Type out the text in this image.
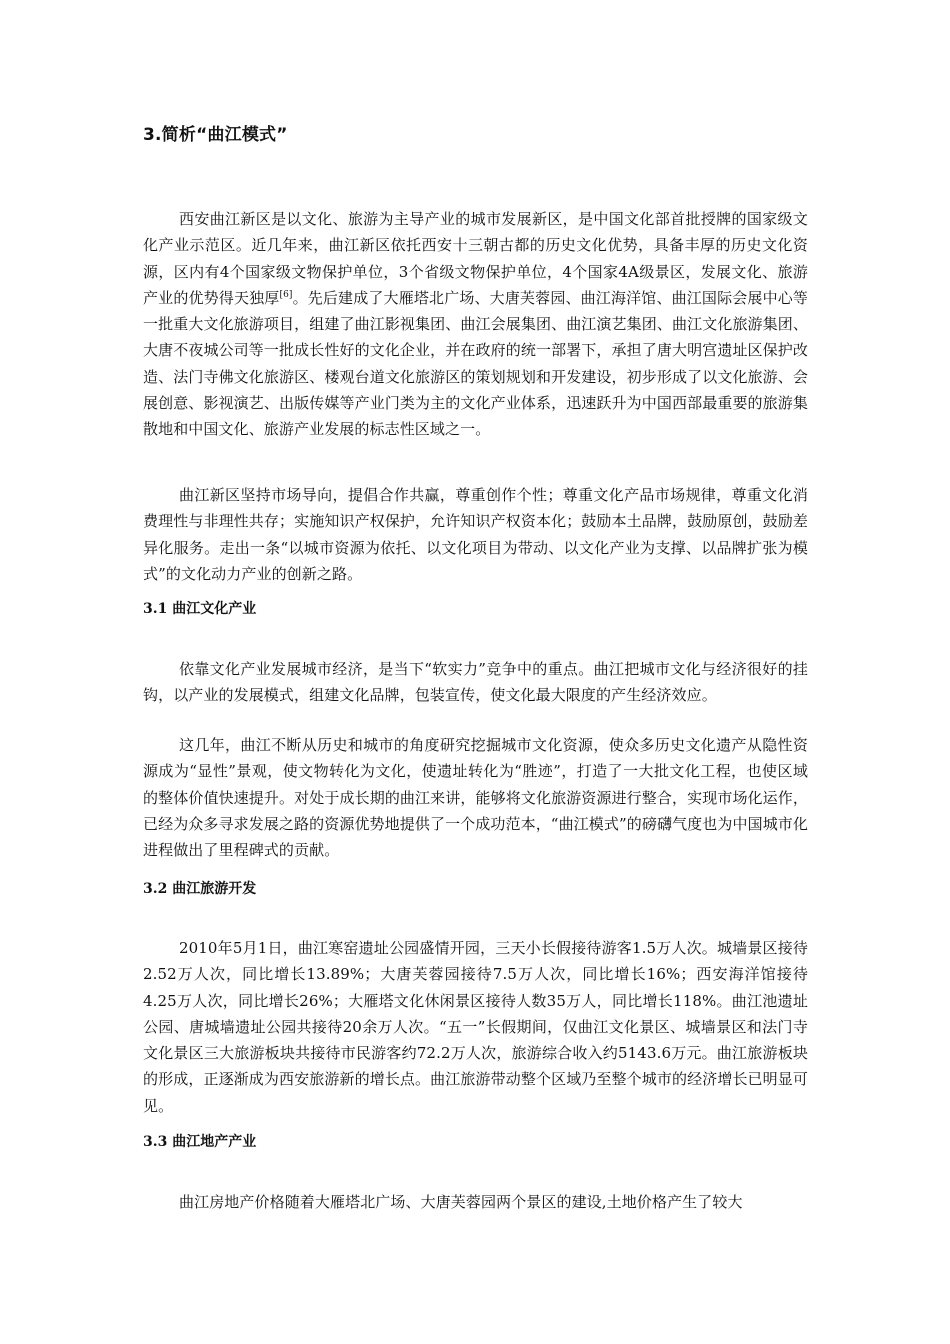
3.简析“曲江模式”

西安曲江新区是以文化、旅游为主导产业的城市发展新区，是中国文化部首批授牌的国家级文化产业示范区。近几年来，曲江新区依托西安十三朝古都的历史文化优势，具备丰厚的历史文化资源，区内有4个国家级文物保护单位，3个省级文物保护单位，4个国家4A级景区，发展文化、旅游产业的优势得天独厚[6]。先后建成了大雁塔北广场、大唐芙蓉园、曲江海洋馆、曲江国际会展中心等一批重大文化旅游项目，组建了曲江影视集团、曲江会展集团、曲江演艺集团、曲江文化旅游集团、大唐不夜城公司等一批成长性好的文化企业，并在政府的统一部署下，承担了唐大明宫遗址区保护改造、法门寺佛文化旅游区、楼观台道文化旅游区的策划规划和开发建设，初步形成了以文化旅游、会展创意、影视演艺、出版传媒等产业门类为主的文化产业体系，迅速跃升为中国西部最重要的旅游集散地和中国文化、旅游产业发展的标志性区域之一。

曲江新区坚持市场导向，提倡合作共赢，尊重创作个性；尊重文化产品市场规律，尊重文化消费理性与非理性共存；实施知识产权保护，允许知识产权资本化；鼓励本土品牌，鼓励原创，鼓励差异化服务。走出一条“以城市资源为依托、以文化项目为带动、以文化产业为支撑、以品牌扩张为模式”的文化动力产业的创新之路。

3.1 曲江文化产业

依靠文化产业发展城市经济，是当下“软实力”竞争中的重点。曲江把城市文化与经济很好的挂钩，以产业的发展模式，组建文化品牌，包装宣传，使文化最大限度的产生经济效应。

这几年，曲江不断从历史和城市的角度研究挖掘城市文化资源，使众多历史文化遗产从隐性资源成为“显性”景观，使文物转化为文化，使遗址转化为“胜迹”，打造了一大批文化工程，也使区域的整体价值快速提升。对处于成长期的曲江来讲，能够将文化旅游资源进行整合，实现市场化运作，已经为众多寻求发展之路的资源优势地提供了一个成功范本，“曲江模式”的磅礴气度也为中国城市化进程做出了里程碑式的贡献。

3.2 曲江旅游开发

2010年5月1日，曲江寒窑遗址公园盛情开园，三天小长假接待游客1.5万人次。城墙景区接待2.52万人次，同比增长13.89%；大唐芙蓉园接待7.5万人次，同比增长16%；西安海洋馆接待4.25万人次，同比增长26%；大雁塔文化休闲景区接待人数35万人，同比增长118%。曲江池遗址公园、唐城墙遗址公园共接待20余万人次。“五一”长假期间，仅曲江文化景区、城墙景区和法门寺文化景区三大旅游板块共接待市民游客约72.2万人次，旅游综合收入约5143.6万元。曲江旅游板块的形成，正逐渐成为西安旅游新的增长点。曲江旅游带动整个区域乃至整个城市的经济增长已明显可见。

3.3 曲江地产产业

曲江房地产价格随着大雁塔北广场、大唐芙蓉园两个景区的建设,土地价格产生了较大
